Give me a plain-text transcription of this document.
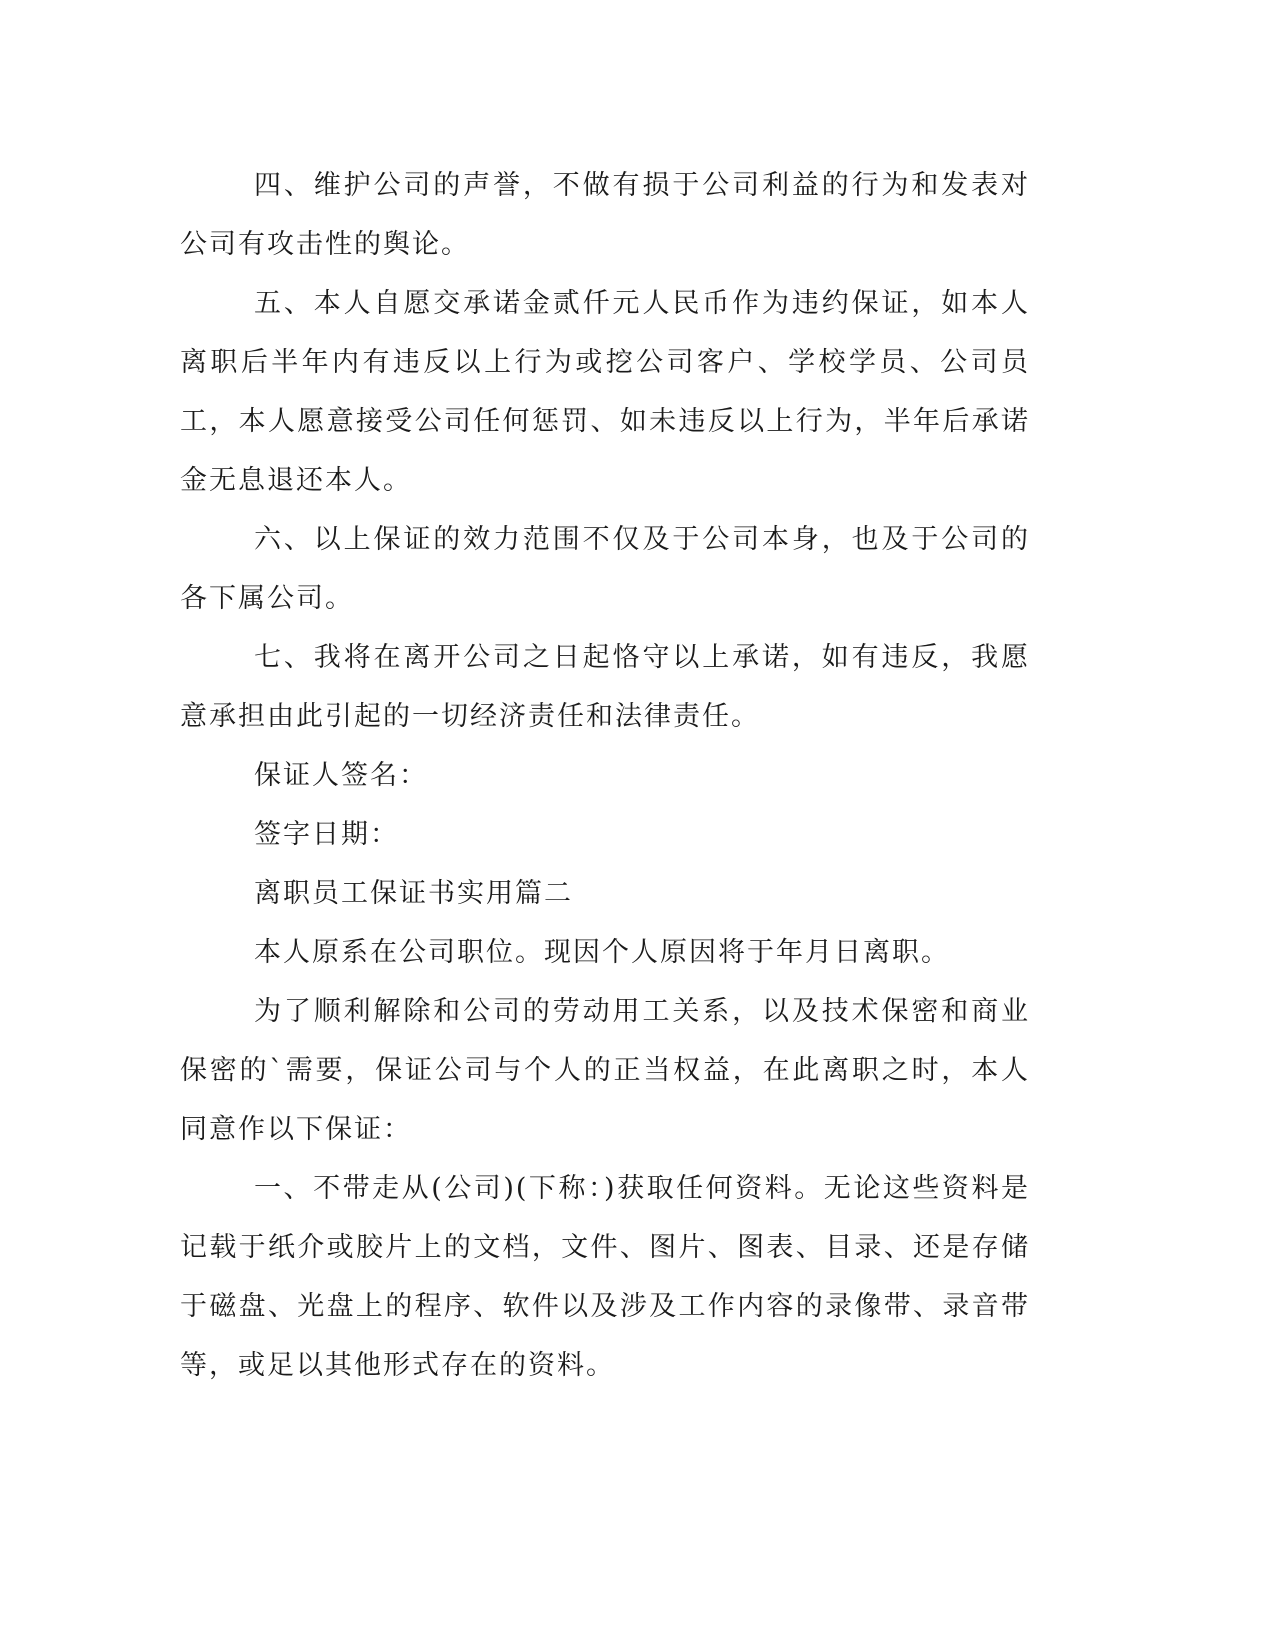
四、维护公司的声誉，不做有损于公司利益的行为和发表对公司有攻击性的舆论。

五、本人自愿交承诺金贰仟元人民币作为违约保证，如本人离职后半年内有违反以上行为或挖公司客户、学校学员、公司员工，本人愿意接受公司任何惩罚、如未违反以上行为，半年后承诺金无息退还本人。

六、以上保证的效力范围不仅及于公司本身，也及于公司的各下属公司。

七、我将在离开公司之日起恪守以上承诺，如有违反，我愿意承担由此引起的一切经济责任和法律责任。

保证人签名：

签字日期：

离职员工保证书实用篇二

本人原系在公司职位。现因个人原因将于年月日离职。

为了顺利解除和公司的劳动用工关系，以及技术保密和商业保密的`需要，保证公司与个人的正当权益，在此离职之时，本人同意作以下保证：

一、不带走从(公司)(下称：)获取任何资料。无论这些资料是记载于纸介或胶片上的文档，文件、图片、图表、目录、还是存储于磁盘、光盘上的程序、软件以及涉及工作内容的录像带、录音带等，或足以其他形式存在的资料。
